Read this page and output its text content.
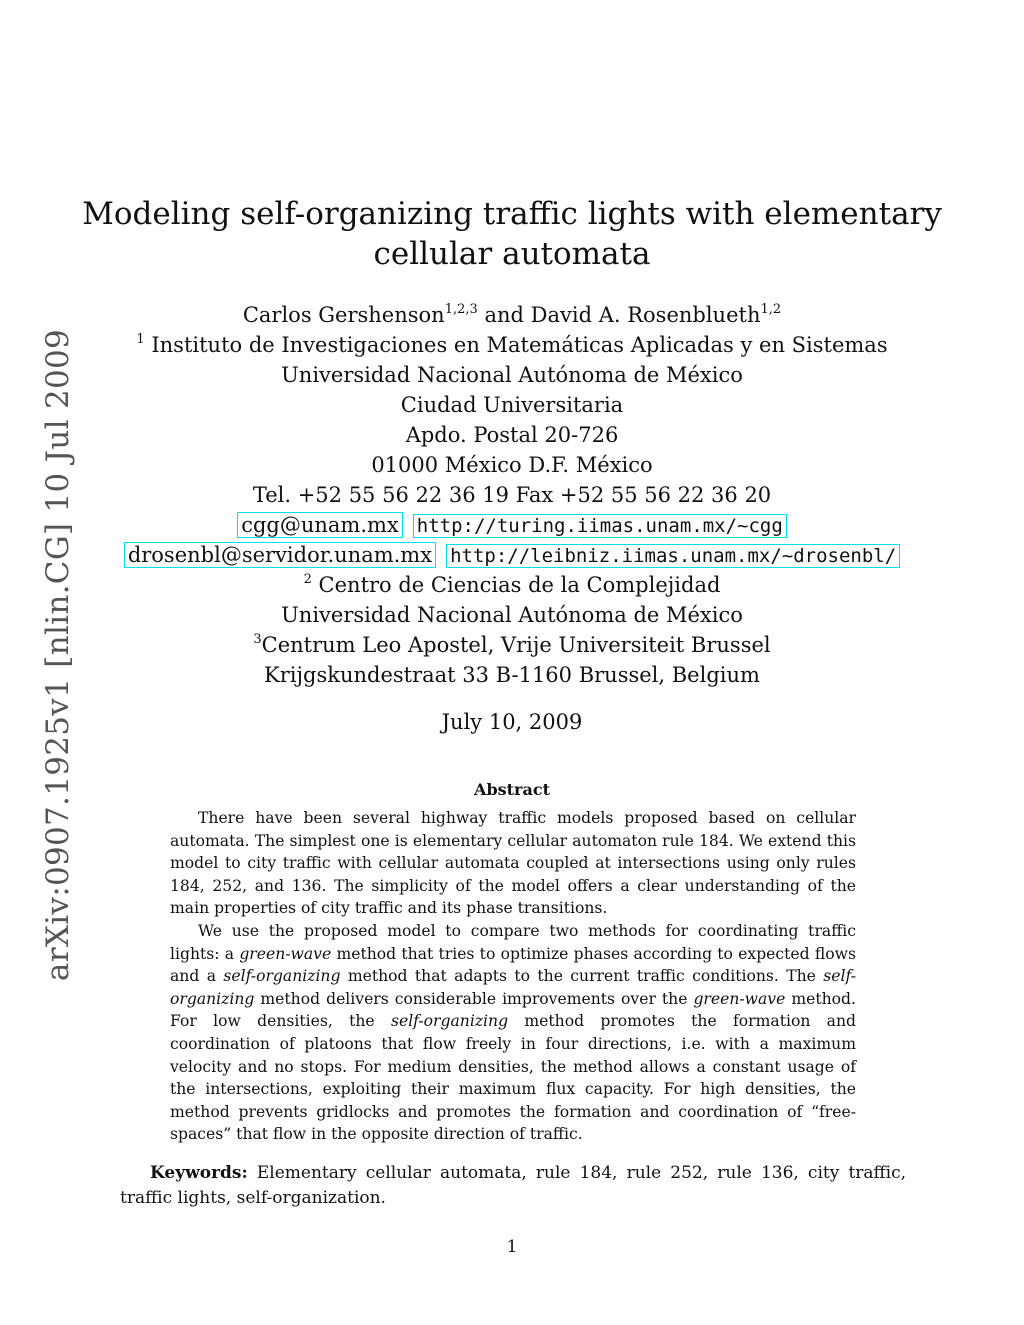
arXiv:0907.1925v1 [nlin.CG] 10 Jul 2009
Modeling self-organizing traffic lights with elementary
cellular automata
Carlos Gershenson$^{1,2,3}$ and David A. Rosenblueth$^{1,2}$
$^1$ Instituto de Investigaciones en Matemáticas Aplicadas y en Sistemas
Universidad Nacional Autónoma de México
Ciudad Universitaria
Apdo. Postal 20-726
01000 México D.F. México
Tel. +52 55 56 22 36 19 Fax +52 55 56 22 36 20
cgg@unam.mx http://turing.iimas.unam.mx/~cgg
drosenbl@servidor.unam.mx http://leibniz.iimas.unam.mx/~drosenbl/
$^2$ Centro de Ciencias de la Complejidad
Universidad Nacional Autónoma de México
$^3$Centrum Leo Apostel, Vrije Universiteit Brussel
Krijgskundestraat 33 B-1160 Brussel, Belgium
July 10, 2009
Abstract

There have been several highway traffic models proposed based on cellular automata. The simplest one is elementary cellular automaton rule 184. We extend this model to city traffic with cellular automata coupled at intersections using only rules 184, 252, and 136. The simplicity of the model offers a clear understanding of the main properties of city traffic and its phase transitions.

We use the proposed model to compare two methods for coordinating traffic lights: a green-wave method that tries to optimize phases according to expected flows and a self-organizing method that adapts to the current traffic conditions. The self-organizing method delivers considerable improvements over the green-wave method. For low densities, the self-organizing method promotes the formation and coordination of platoons that flow freely in four directions, i.e. with a maximum velocity and no stops. For medium densities, the method allows a constant usage of the intersections, exploiting their maximum flux capacity. For high densities, the method prevents gridlocks and promotes the formation and coordination of “free-spaces” that flow in the opposite direction of traffic.

Keywords: Elementary cellular automata, rule 184, rule 252, rule 136, city traffic, traffic lights, self-organization.
1
